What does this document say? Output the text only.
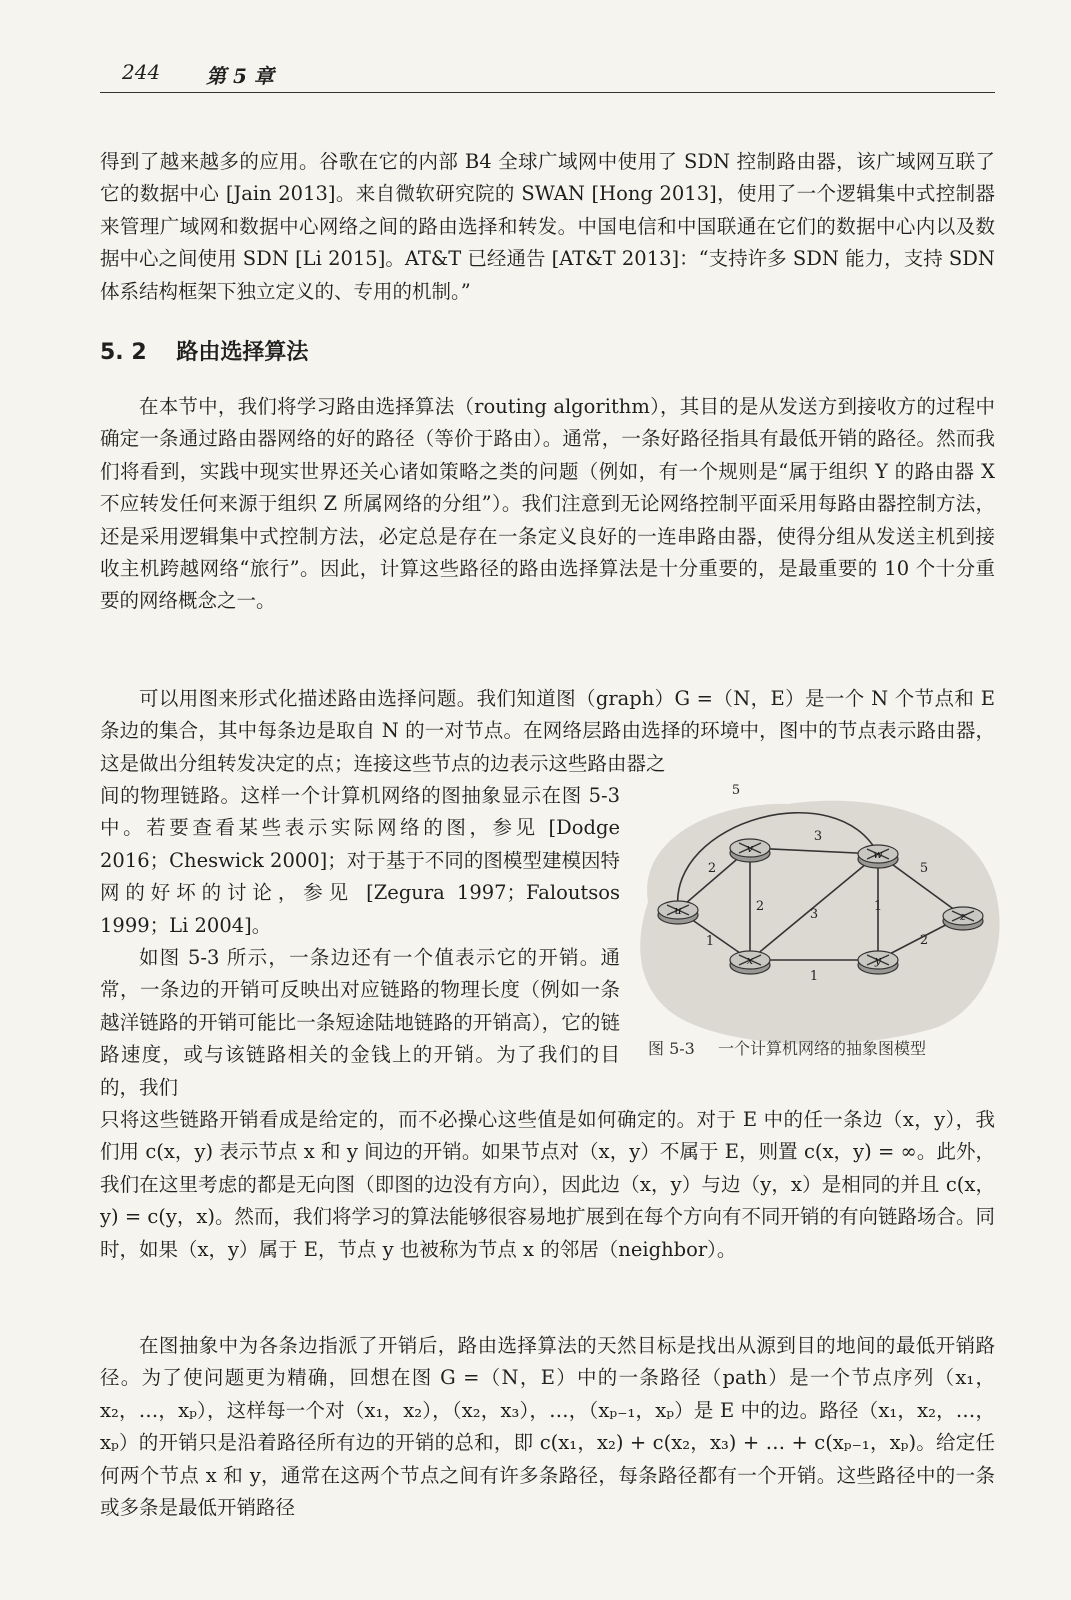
244 第 5 章

得到了越来越多的应用。谷歌在它的内部 B4 全球广域网中使用了 SDN 控制路由器，该广域网互联了它的数据中心 [Jain 2013]。来自微软研究院的 SWAN [Hong 2013]，使用了一个逻辑集中式控制器来管理广域网和数据中心网络之间的路由选择和转发。中国电信和中国联通在它们的数据中心内以及数据中心之间使用 SDN [Li 2015]。AT&T 已经通告 [AT&T 2013]：“支持许多 SDN 能力，支持 SDN 体系结构框架下独立定义的、专用的机制。”

5. 2 路由选择算法

在本节中，我们将学习路由选择算法（routing algorithm），其目的是从发送方到接收方的过程中确定一条通过路由器网络的好的路径（等价于路由）。通常，一条好路径指具有最低开销的路径。然而我们将看到，实践中现实世界还关心诸如策略之类的问题（例如，有一个规则是“属于组织 Y 的路由器 X 不应转发任何来源于组织 Z 所属网络的分组”）。我们注意到无论网络控制平面采用每路由器控制方法，还是采用逻辑集中式控制方法，必定总是存在一条定义良好的一连串路由器，使得分组从发送主机到接收主机跨越网络“旅行”。因此，计算这些路径的路由选择算法是十分重要的，是最重要的 10 个十分重要的网络概念之一。

可以用图来形式化描述路由选择问题。我们知道图（graph）G =（N，E）是一个 N 个节点和 E 条边的集合，其中每条边是取自 N 的一对节点。在网络层路由选择的环境中，图中的节点表示路由器，这是做出分组转发决定的点；连接这些节点的边表示这些路由器之

间的物理链路。这样一个计算机网络的图抽象显示在图 5-3 中。若要查看某些表示实际网络的图，参见 [Dodge 2016；Cheswick 2000]；对于基于不同的图模型建模因特网的好坏的讨论，参见 [Zegura 1997；Faloutsos 1999；Li 2004]。

如图 5-3 所示，一条边还有一个值表示它的开销。通常，一条边的开销可反映出对应链路的物理长度（例如一条越洋链路的开销可能比一条短途陆地链路的开销高），它的链路速度，或与该链路相关的金钱上的开销。为了我们的目的，我们

只将这些链路开销看成是给定的，而不必操心这些值是如何确定的。对于 E 中的任一条边（x，y），我们用 c(x，y) 表示节点 x 和 y 间边的开销。如果节点对（x，y）不属于 E，则置 c(x，y) = ∞。此外，我们在这里考虑的都是无向图（即图的边没有方向），因此边（x，y）与边（y，x）是相同的并且 c(x，y) = c(y，x)。然而，我们将学习的算法能够很容易地扩展到在每个方向有不同开销的有向链路场合。同时，如果（x，y）属于 E，节点 y 也被称为节点 x 的邻居（neighbor）。

在图抽象中为各条边指派了开销后，路由选择算法的天然目标是找出从源到目的地间的最低开销路径。为了使问题更为精确，回想在图 G =（N，E）中的一条路径（path）是一个节点序列（x₁，x₂，…，xₚ），这样每一个对（x₁，x₂），（x₂，x₃），…，（xₚ₋₁，xₚ）是 E 中的边。路径（x₁，x₂，…，xₚ）的开销只是沿着路径所有边的开销的总和，即 c(x₁，x₂) + c(x₂，x₃) + … + c(xₚ₋₁，xₚ)。给定任何两个节点 x 和 y，通常在这两个节点之间有许多条路径，每条路径都有一个开销。这些路径中的一条或多条是最低开销路径

2
1
5
3
2
3
1
1
5
2
u
v	w
x	y
z
图 5-3 一个计算机网络的抽象图模型
